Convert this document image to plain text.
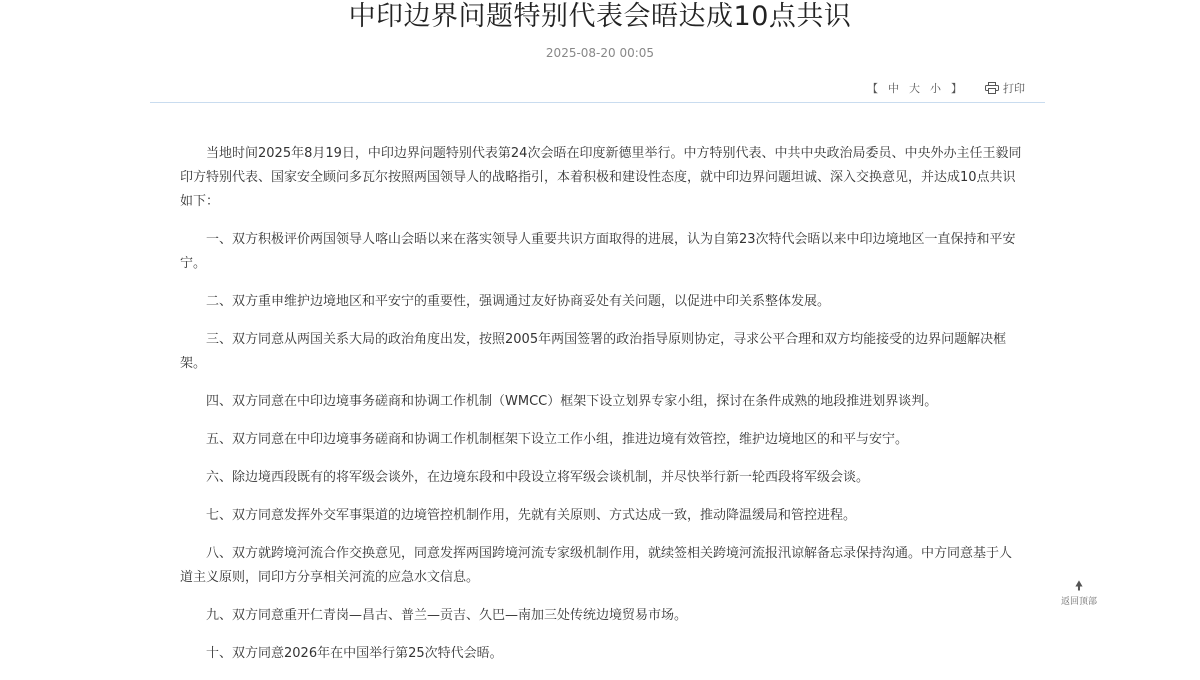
中印边界问题特别代表会晤达成10点共识
2025-08-20 00:05
【 中 大 小 】	打印

当地时间2025年8月19日，中印边界问题特别代表第24次会晤在印度新德里举行。中方特别代表、中共中央政治局委员、中央外办主任王毅同印方特别代表、国家安全顾问多瓦尔按照两国领导人的战略指引，本着积极和建设性态度，就中印边界问题坦诚、深入交换意见，并达成10点共识如下：

一、双方积极评价两国领导人喀山会晤以来在落实领导人重要共识方面取得的进展，认为自第23次特代会晤以来中印边境地区一直保持和平安宁。

二、双方重申维护边境地区和平安宁的重要性，强调通过友好协商妥处有关问题，以促进中印关系整体发展。

三、双方同意从两国关系大局的政治角度出发，按照2005年两国签署的政治指导原则协定，寻求公平合理和双方均能接受的边界问题解决框架。

四、双方同意在中印边境事务磋商和协调工作机制（WMCC）框架下设立划界专家小组，探讨在条件成熟的地段推进划界谈判。

五、双方同意在中印边境事务磋商和协调工作机制框架下设立工作小组，推进边境有效管控，维护边境地区的和平与安宁。

六、除边境西段既有的将军级会谈外，在边境东段和中段设立将军级会谈机制，并尽快举行新一轮西段将军级会谈。

七、双方同意发挥外交军事渠道的边境管控机制作用，先就有关原则、方式达成一致，推动降温缓局和管控进程。

八、双方就跨境河流合作交换意见，同意发挥两国跨境河流专家级机制作用，就续签相关跨境河流报汛谅解备忘录保持沟通。中方同意基于人道主义原则，同印方分享相关河流的应急水文信息。

九、双方同意重开仁青岗—昌古、普兰—贡吉、久巴—南加三处传统边境贸易市场。

十、双方同意2026年在中国举行第25次特代会晤。

🠝
返回顶部
